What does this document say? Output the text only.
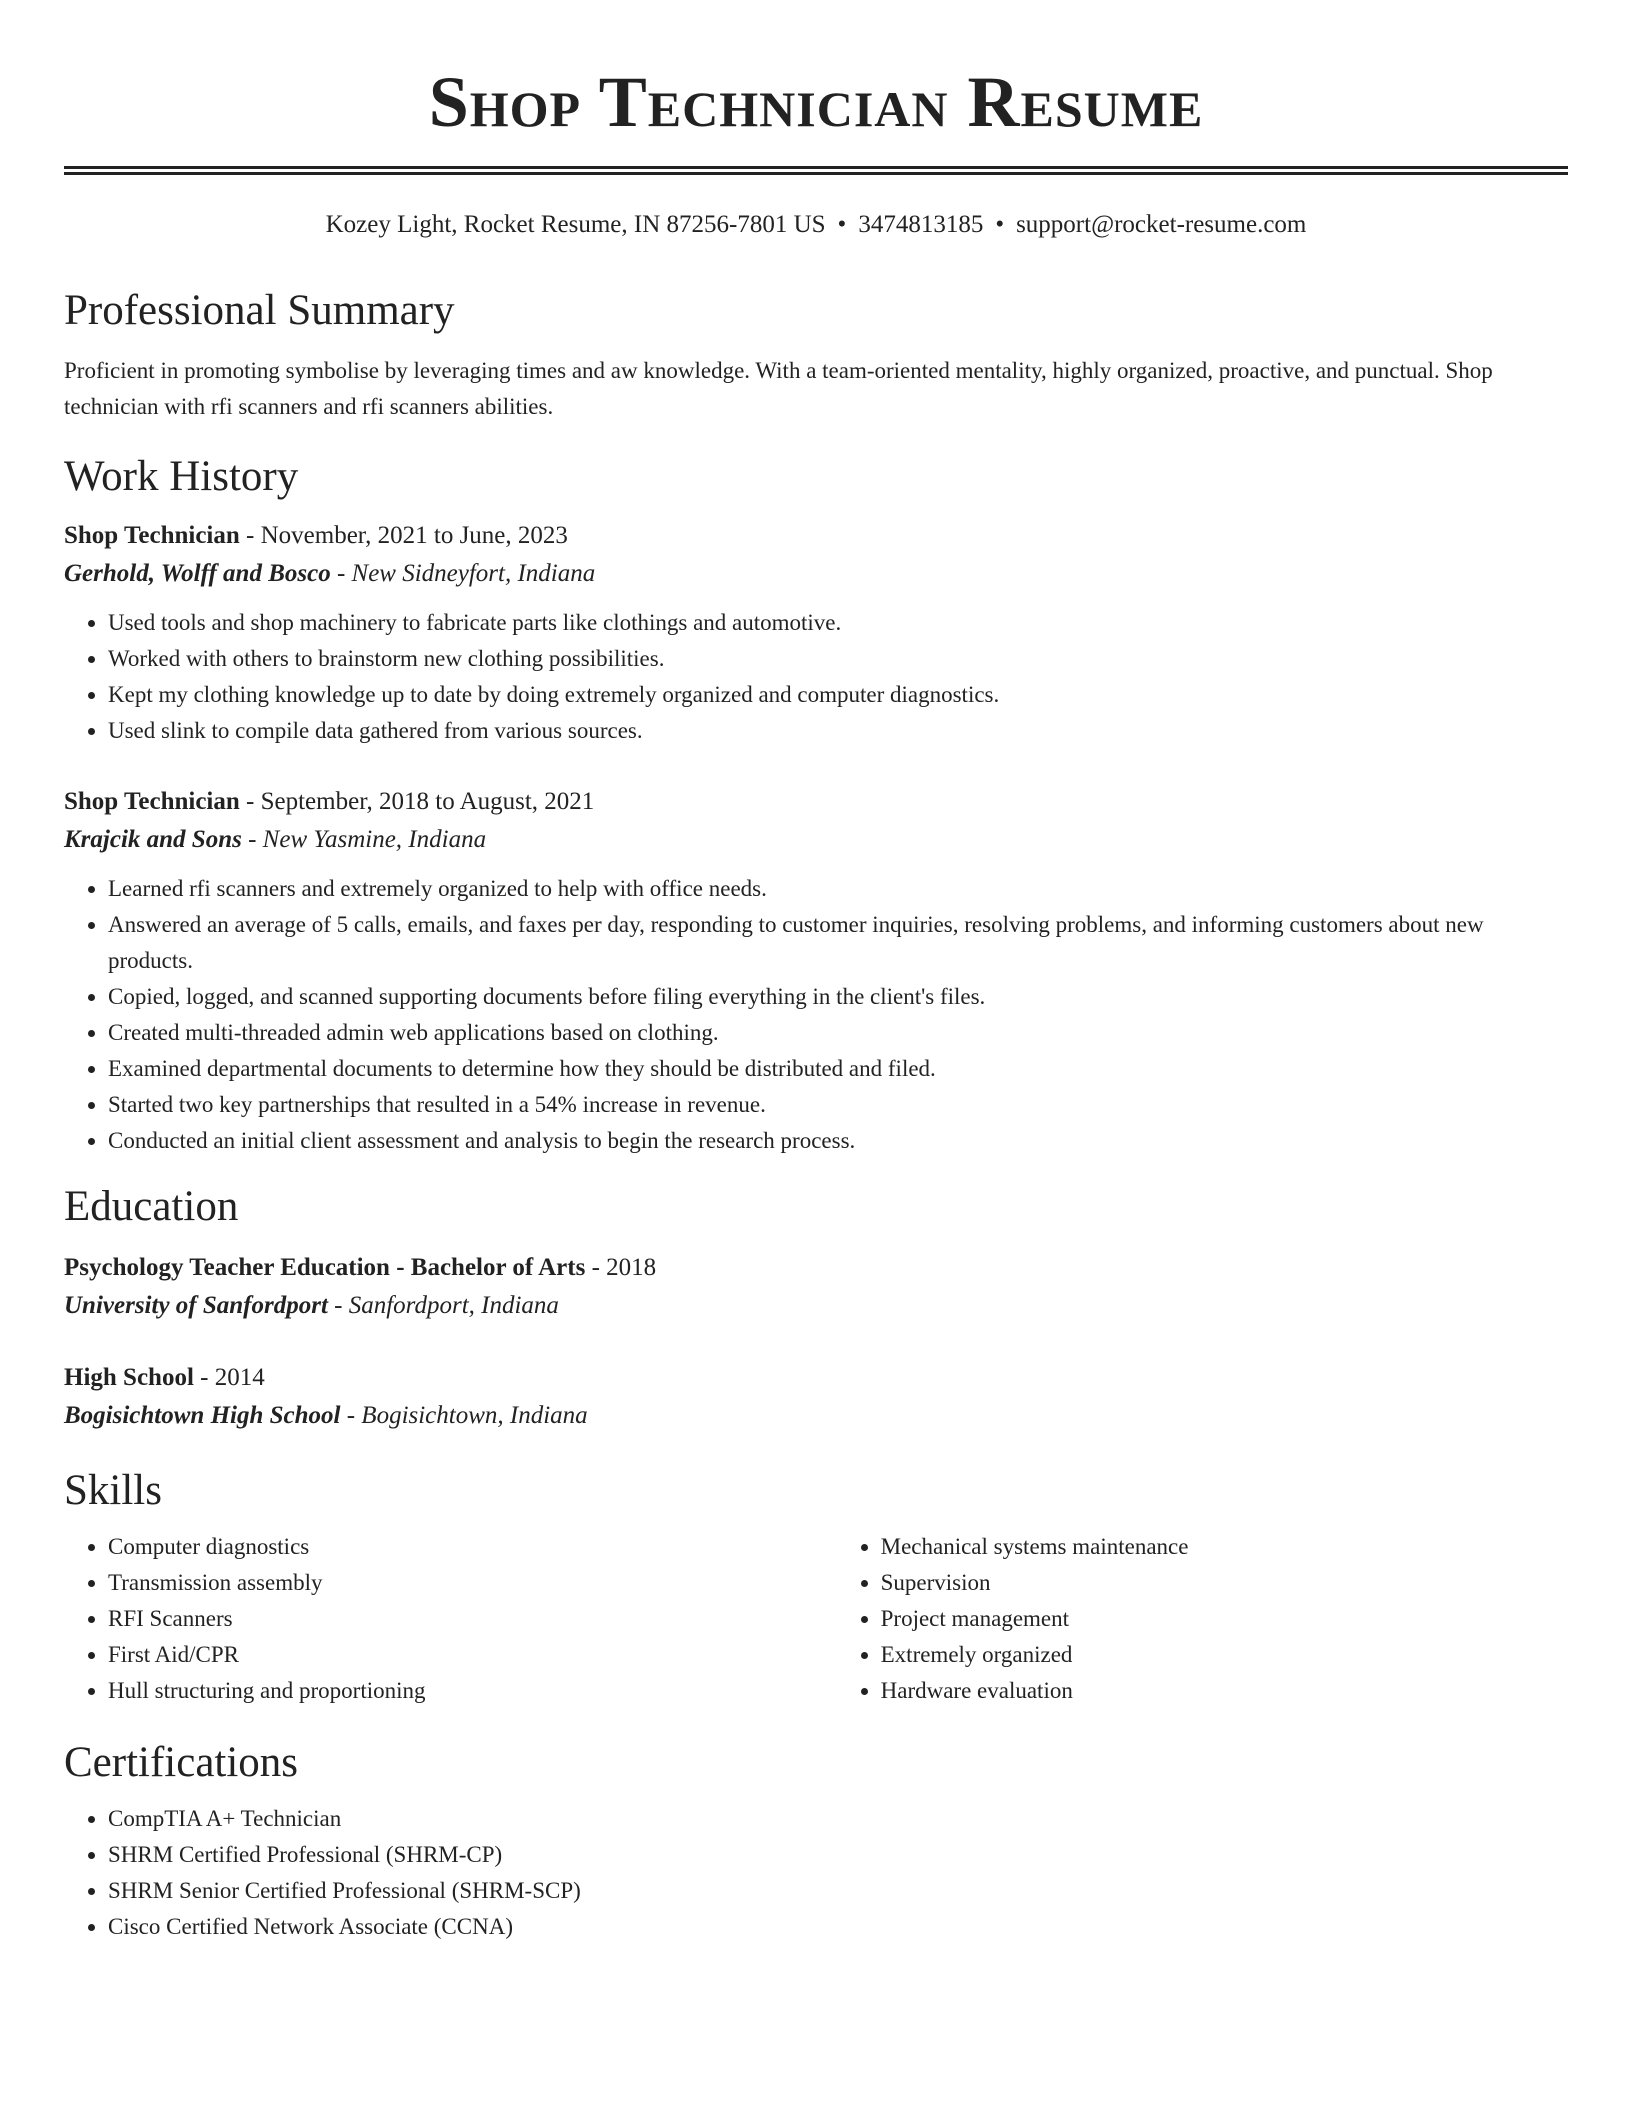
Shop Technician Resume
Kozey Light, Rocket Resume, IN 87256-7801 US • 3474813185 • support@rocket-resume.com
Professional Summary
Proficient in promoting symbolise by leveraging times and aw knowledge. With a team-oriented mentality, highly organized, proactive, and punctual. Shop technician with rfi scanners and rfi scanners abilities.
Work History
Shop Technician - November, 2021 to June, 2023
Gerhold, Wolff and Bosco - New Sidneyfort, Indiana
• Used tools and shop machinery to fabricate parts like clothings and automotive.
• Worked with others to brainstorm new clothing possibilities.
• Kept my clothing knowledge up to date by doing extremely organized and computer diagnostics.
• Used slink to compile data gathered from various sources.
Shop Technician - September, 2018 to August, 2021
Krajcik and Sons - New Yasmine, Indiana
• Learned rfi scanners and extremely organized to help with office needs.
• Answered an average of 5 calls, emails, and faxes per day, responding to customer inquiries, resolving problems, and informing customers about new products.
• Copied, logged, and scanned supporting documents before filing everything in the client's files.
• Created multi-threaded admin web applications based on clothing.
• Examined departmental documents to determine how they should be distributed and filed.
• Started two key partnerships that resulted in a 54% increase in revenue.
• Conducted an initial client assessment and analysis to begin the research process.
Education
Psychology Teacher Education - Bachelor of Arts - 2018
University of Sanfordport - Sanfordport, Indiana
High School - 2014
Bogisichtown High School - Bogisichtown, Indiana
Skills
• Computer diagnostics
• Transmission assembly
• RFI Scanners
• First Aid/CPR
• Hull structuring and proportioning
• Mechanical systems maintenance
• Supervision
• Project management
• Extremely organized
• Hardware evaluation
Certifications
• CompTIA A+ Technician
• SHRM Certified Professional (SHRM-CP)
• SHRM Senior Certified Professional (SHRM-SCP)
• Cisco Certified Network Associate (CCNA)
